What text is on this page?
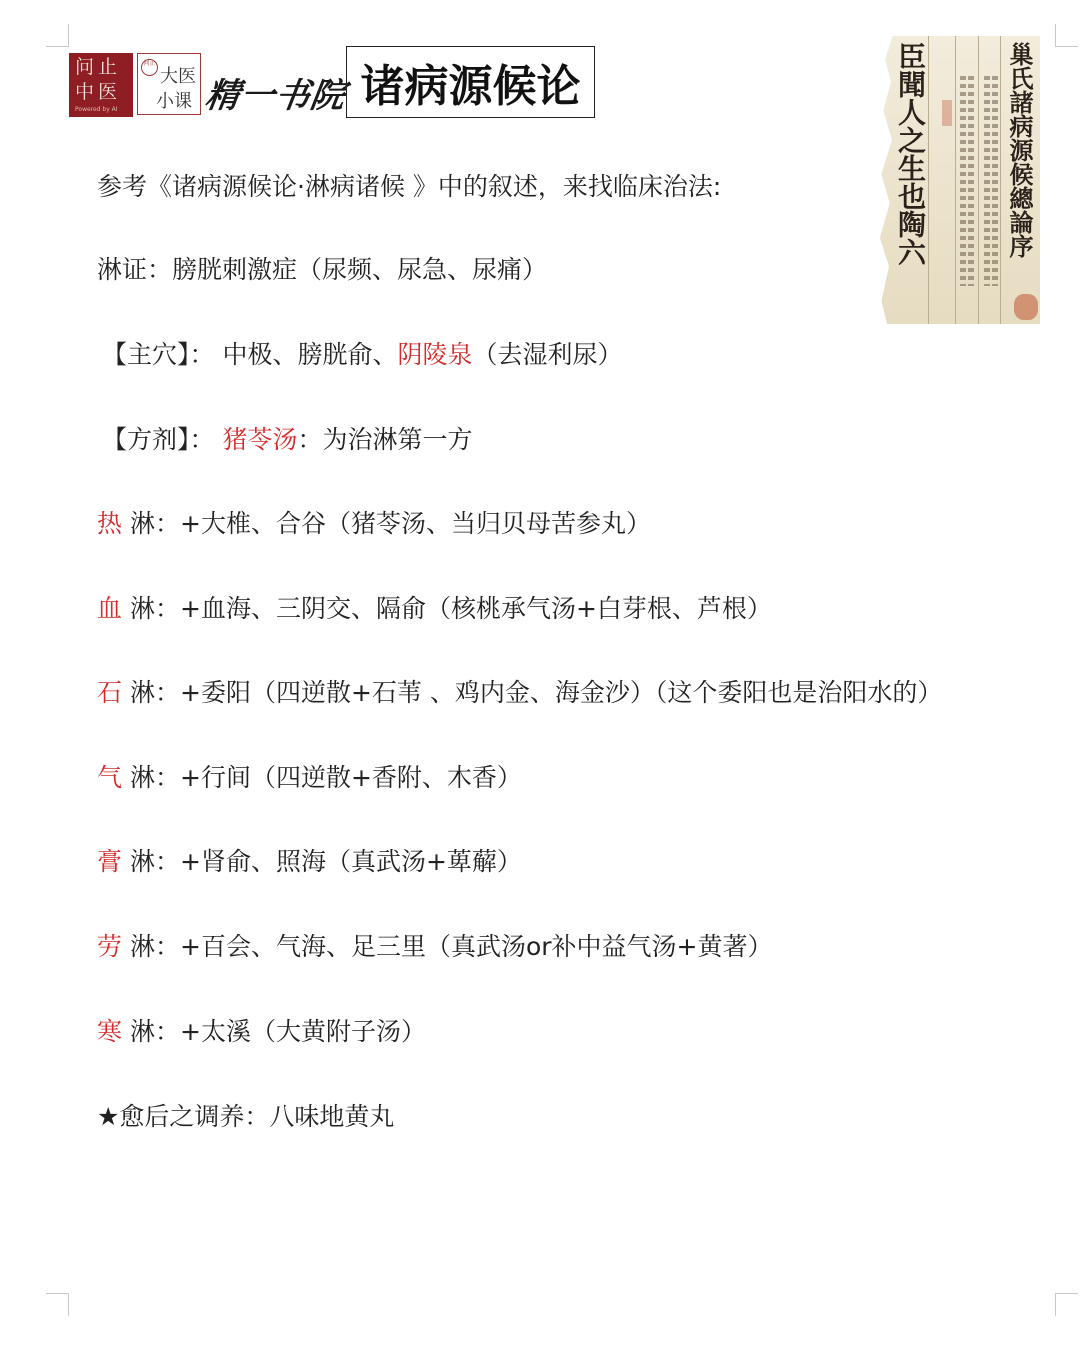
问止
中医
Powered by AI
问止
大医
小课 精一书院 诸病源候论	巢氏諸病源候總論序
臣聞人之生也陶六
参考《诸病源候论·淋病诸候 》中的叙述，来找临床治法:
淋证：膀胱刺激症（尿频、尿急、尿痛）
【主穴】： 中极、膀胱俞、阴陵泉（去湿利尿）
【方剂】： 猪苓汤：为治淋第一方
热 淋：+大椎、合谷（猪苓汤、当归贝母苦参丸）
血 淋：+血海、三阴交、隔俞（核桃承气汤+白芽根、芦根）
石 淋：+委阳（四逆散+石苇 、鸡内金、海金沙）（这个委阳也是治阳水的）
气 淋：+行间（四逆散+香附、木香）
膏 淋：+肾俞、照海（真武汤+萆薢）
劳 淋：+百会、气海、足三里（真武汤or补中益气汤+黄著）
寒 淋：+太溪（大黄附子汤）
★愈后之调养：八味地黄丸
